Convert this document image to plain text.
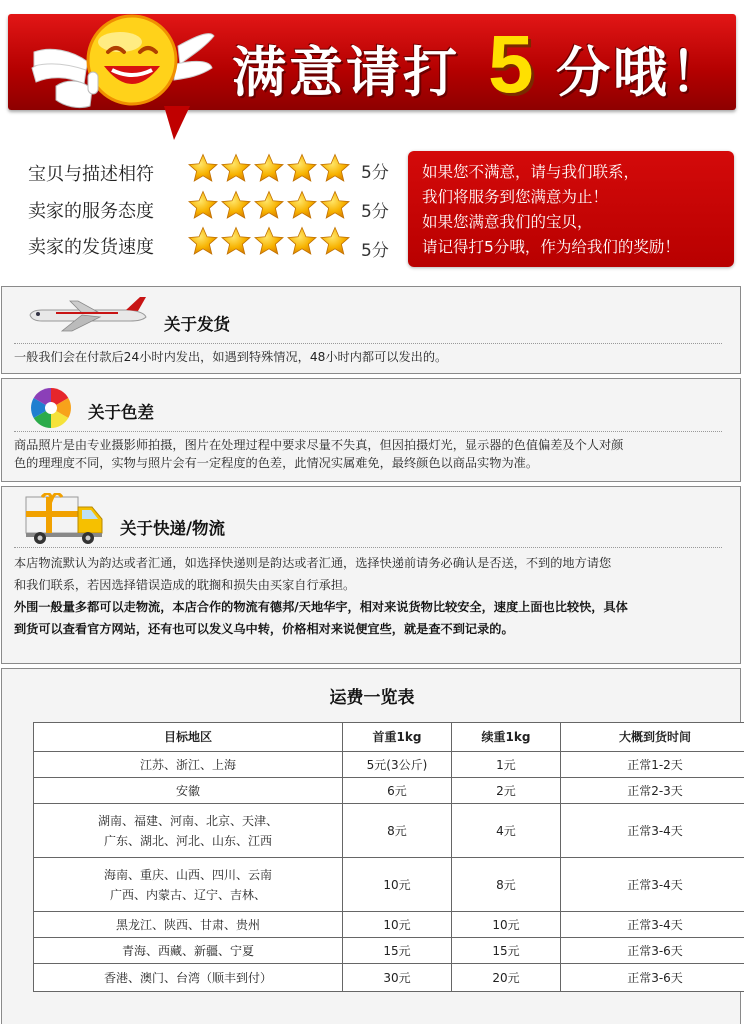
满意请打 5 分哦！
宝贝与描述相符	5分
卖家的服务态度	5分
卖家的发货速度	5分
如果您不满意，请与我们联系，
我们将服务到您满意为止！
如果您满意我们的宝贝，
请记得打5分哦，作为给我们的奖励！
关于发货
一般我们会在付款后24小时内发出，如遇到特殊情况，48小时内都可以发出的。
关于色差
商品照片是由专业摄影师拍摄，图片在处理过程中要求尽量不失真，但因拍摄灯光，显示器的色值偏差及个人对颜
色的理理度不同，实物与照片会有一定程度的色差，此情况实属难免，最终颜色以商品实物为准。
关于快递/物流
本店物流默认为韵达或者汇通，如选择快递则是韵达或者汇通，选择快递前请务必确认是否送，不到的地方请您
和我们联系，若因选择错误造成的耽搁和损失由买家自行承担。
外围一般量多都可以走物流，本店合作的物流有德邦/天地华宇，相对来说货物比较安全，速度上面也比较快，具体
到货可以查看官方网站，还有也可以发义乌中转，价格相对来说便宜些，就是查不到记录的。
运费一览表
目标地区	首重1kg	续重1kg	大概到货时间

江苏、浙江、上海	5元(3公斤)	1元	正常1-2天

安徽	6元	2元	正常2-3天

湖南、福建、河南、北京、天津、
广东、湖北、河北、山东、江西	8元	4元	正常3-4天

海南、重庆、山西、四川、云南
广西、内蒙古、辽宁、吉林、	10元	8元	正常3-4天

黑龙江、陕西、甘肃、贵州	10元	10元	正常3-4天

青海、西藏、新疆、宁夏	15元	15元	正常3-6天

香港、澳门、台湾（顺丰到付）	30元	20元	正常3-6天
